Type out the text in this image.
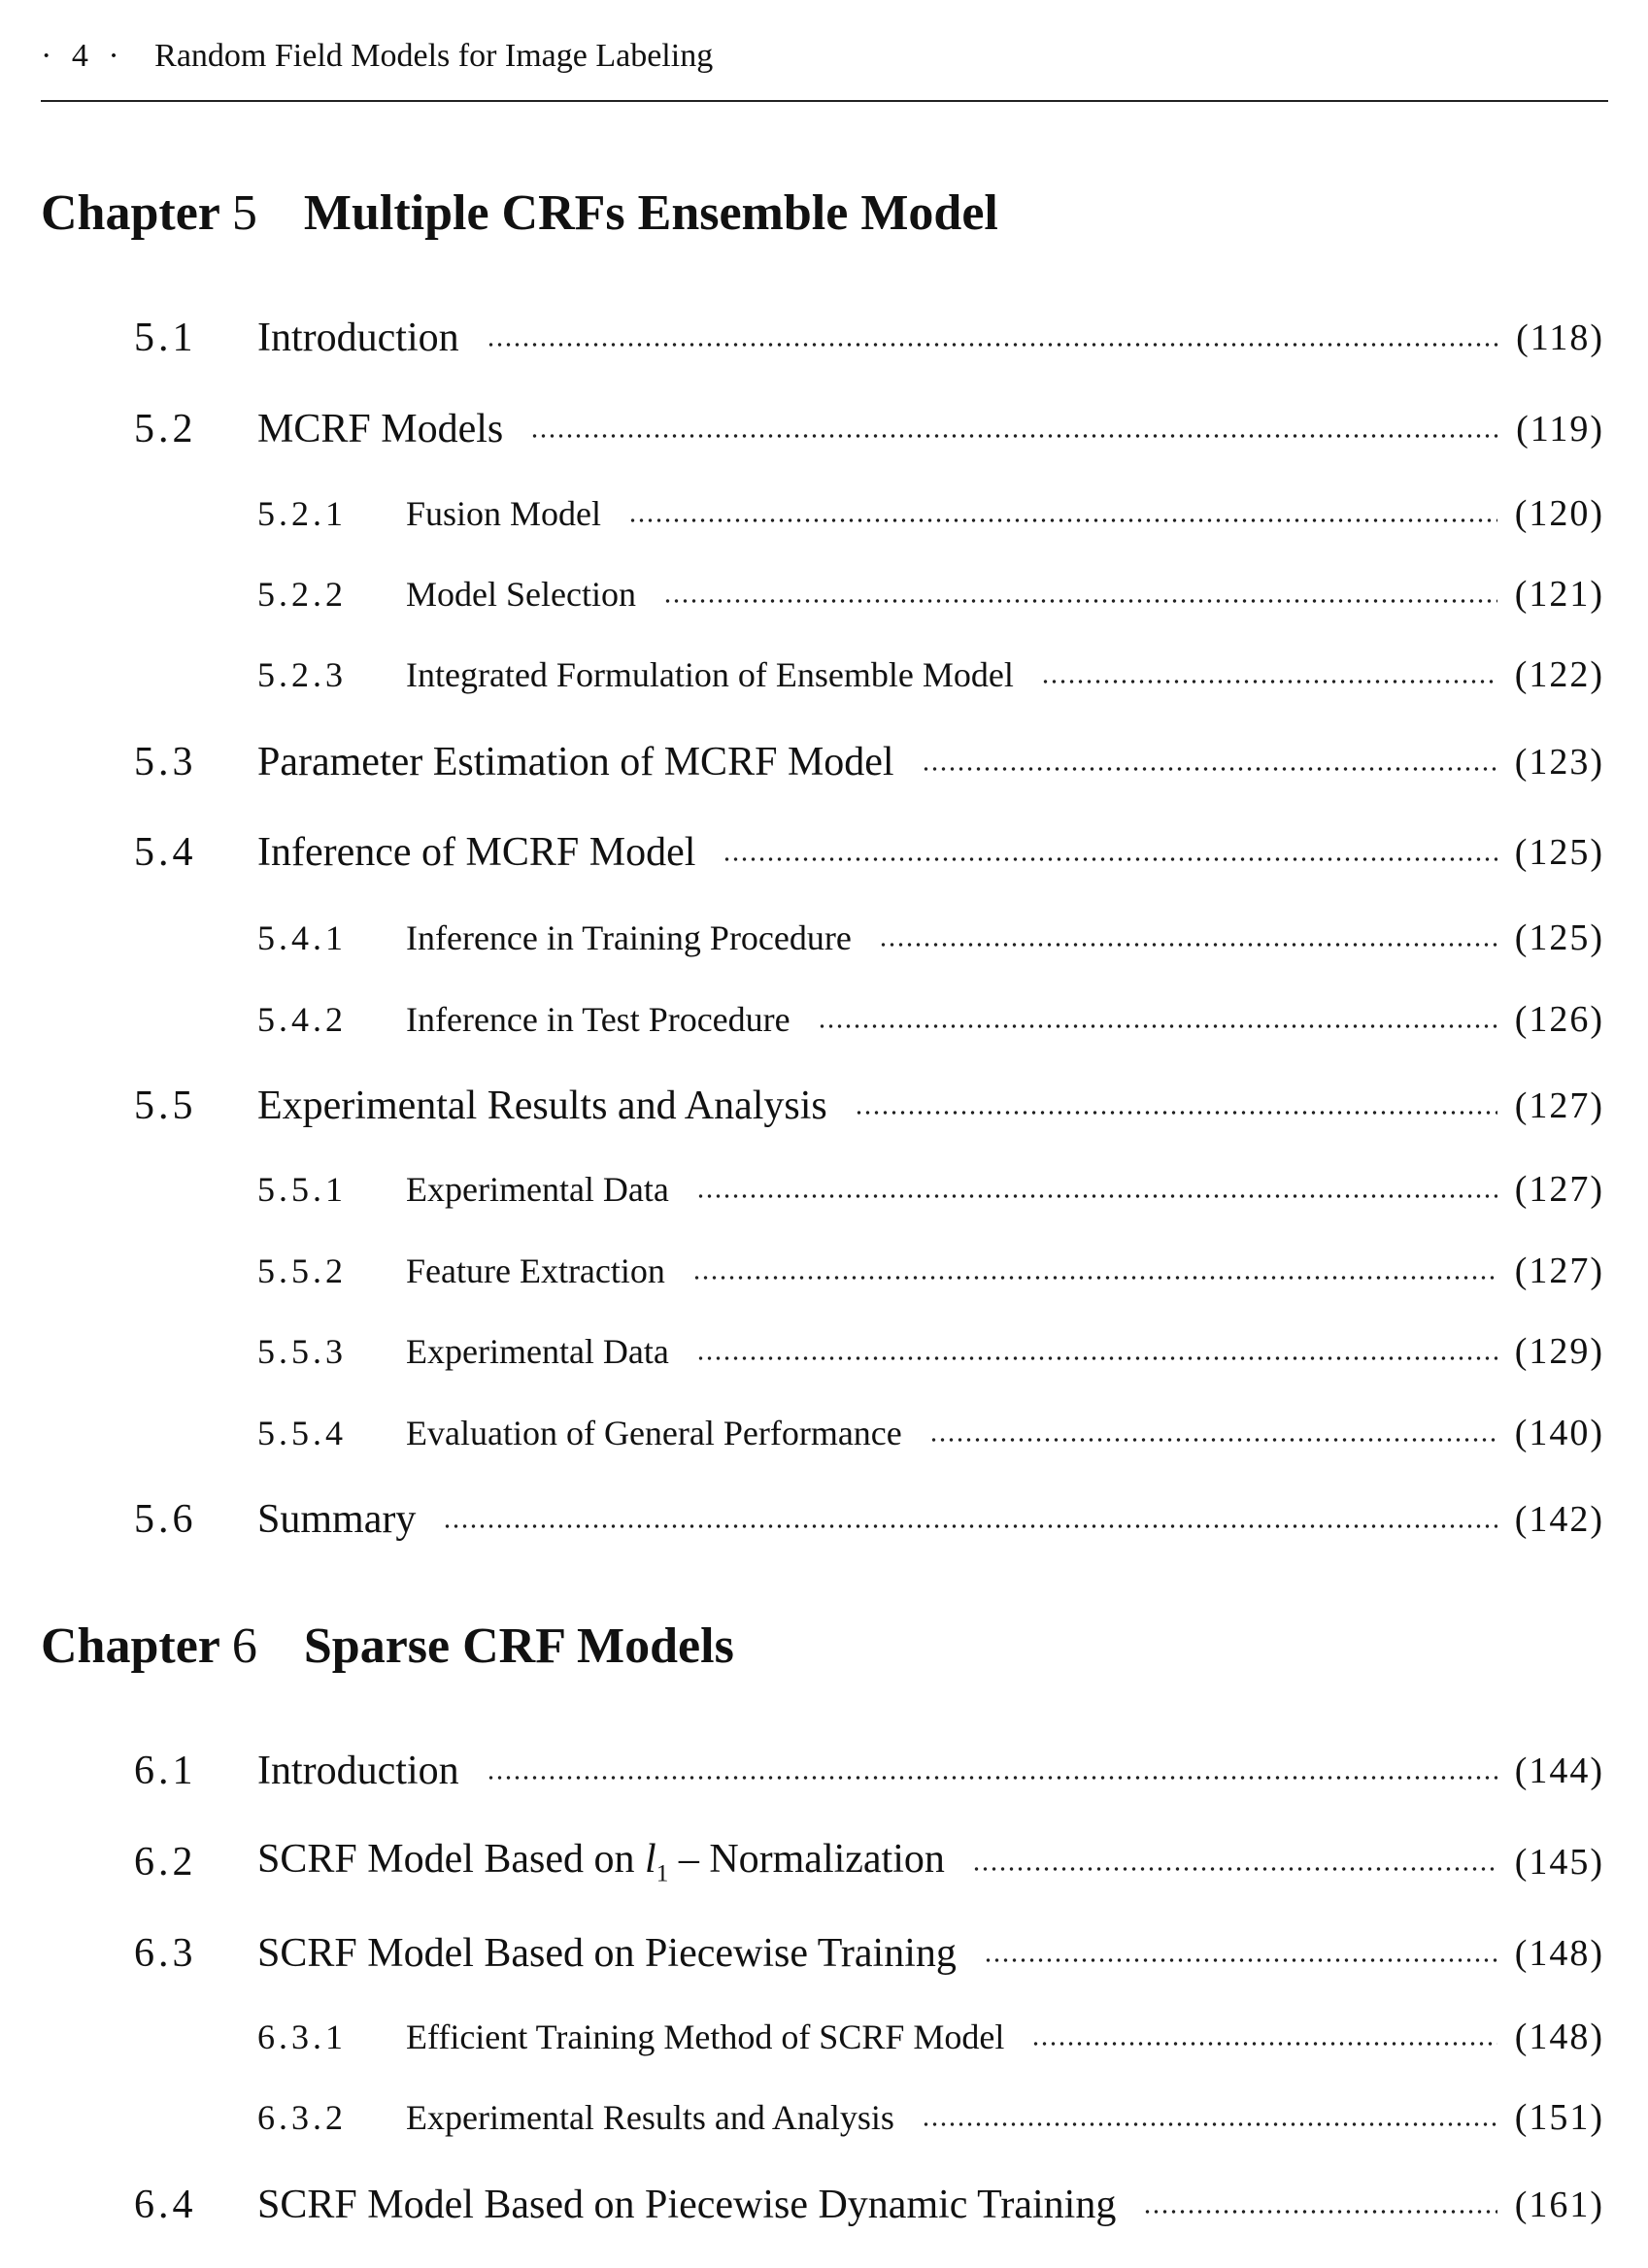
· 4 · Random Field Models for Image Labeling
Chapter 5 Multiple CRFs Ensemble Model
5.1	Introduction	(118)
5.2	MCRF Models	(119)
5.2.1	Fusion Model	(120)
5.2.2	Model Selection	(121)
5.2.3	Integrated Formulation of Ensemble Model	(122)
5.3	Parameter Estimation of MCRF Model	(123)
5.4	Inference of MCRF Model	(125)
5.4.1	Inference in Training Procedure	(125)
5.4.2	Inference in Test Procedure	(126)
5.5	Experimental Results and Analysis	(127)
5.5.1	Experimental Data	(127)
5.5.2	Feature Extraction	(127)
5.5.3	Experimental Data	(129)
5.5.4	Evaluation of General Performance	(140)
5.6	Summary	(142)
Chapter 6 Sparse CRF Models
6.1	Introduction	(144)
6.2	SCRF Model Based on $l_1$ – Normalization	(145)
6.3	SCRF Model Based on Piecewise Training	(148)
6.3.1	Efficient Training Method of SCRF Model	(148)
6.3.2	Experimental Results and Analysis	(151)
6.4	SCRF Model Based on Piecewise Dynamic Training	(161)
